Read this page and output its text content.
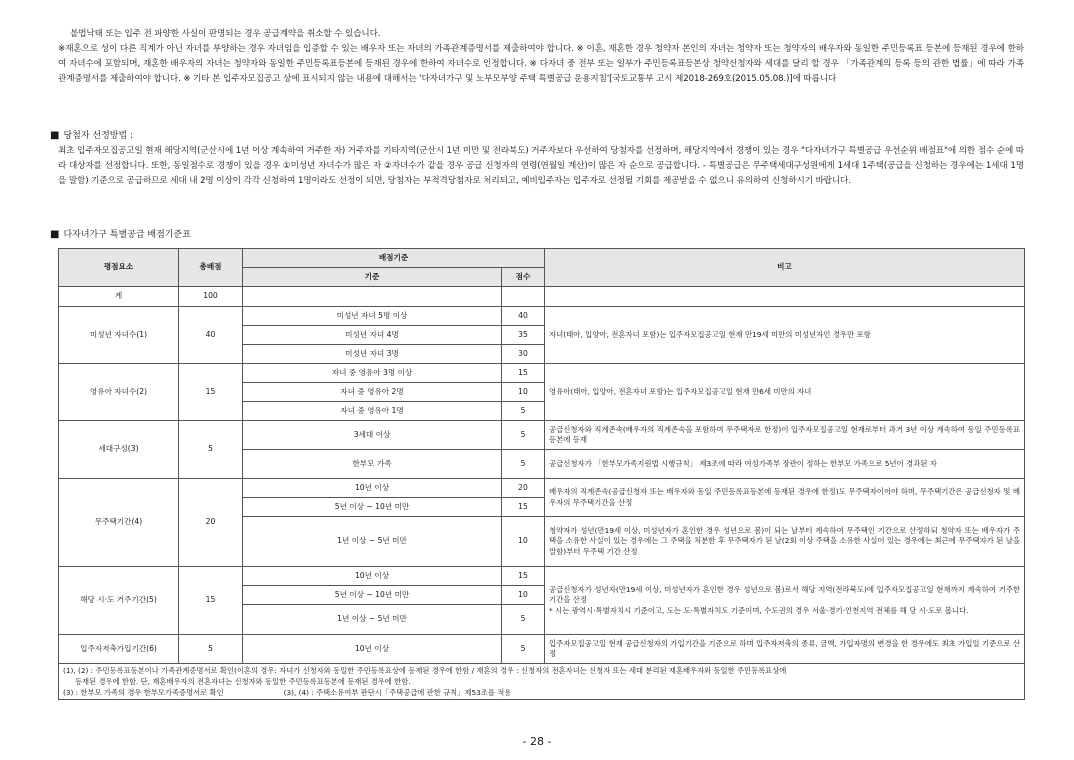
불법낙태 또는 입주 전 파양한 사실이 판명되는 경우 공급계약을 취소할 수 있습니다.
※재혼으로 성이 다른 직계가 아닌 자녀를 부양하는 경우 자녀임을 입증할 수 있는 배우자 또는 자녀의 가족관계증명서를 제출하여야 합니다. ※ 이혼, 재혼한 경우 청약자 본인의 자녀는 청약자 또는 청약자의 배우자와 동일한 주민등록표 등본에 등재된 경우에 한하여 자녀수에 포함되며, 재혼한 배우자의 자녀는 청약자와 동일한 주민등록표등본에 등재된 경우에 한하여 자녀수로 인정합니다. ※ 다자녀 중 전부 또는 일부가 주민등록표등본상 청약신청자와 세대를 달리 할 경우 「가족관계의 등록 등의 관한 법률」에 따라 가족관계증명서를 제출하여야 합니다. ※ 기타 본 입주자모집공고 상에 표시되지 않는 내용에 대해서는 '다자녀가구 및 노부모부양 주택 특별공급 운용지침'[국토교통부 고시 제2018-269호(2015.05.08.)]에 따릅니다
■ 당첨자 선정방법 :
최초 입주자모집공고일 현재 해당지역(군산시에 1년 이상 계속하여 거주한 자) 거주자를 기타지역(군산시 1년 미만 및 전라북도) 거주자보다 우선하여 당첨자를 선정하며, 해당지역에서 경쟁이 있는 경우 "다자녀가구 특별공급 우선순위 배점표"에 의한 점수 순에 따라 대상자를 선정합니다. 또한, 동일점수로 경쟁이 있을 경우 ①미성년 자녀수가 많은 자 ②자녀수가 같을 경우 공급 신청자의 연령(연월일 계산)이 많은 자 순으로 공급합니다. - 특별공급은 무주택세대구성원에게 1세대 1주택(공급을 신청하는 경우에는 1세대 1명을 말함) 기준으로 공급하므로 세대 내 2명 이상이 각각 신청하여 1명이라도 선정이 되면, 당첨자는 부적격당첨자로 처리되고, 예비입주자는 입주자로 선정될 기회를 제공받을 수 없으니 유의하여 신청하시기 바랍니다.
■ 다자녀가구 특별공급 배점기준표
평점요소	총배점	배점기준		비고
		기준	점수	
계	100			
미성년 자녀수(1)	40	미성년 자녀 5명 이상	40	자녀(태아, 입양아, 전혼자녀 포함)는 입주자모집공고일 현재 만19세 미만의 미성년자인 경우만 포함
		미성년 자녀 4명	35	
		미성년 자녀 3명	30	
영유아 자녀수(2)	15	자녀 중 영유아 3명 이상	15	영유아(태아, 입양아, 전혼자녀 포함)는 입주자모집공고일 현재 만6세 미만의 자녀
		자녀 중 영유아 2명	10	
		자녀 중 영유아 1명	5	
세대구성(3)	5	3세대 이상	5	공급신청자와 직계존속(배우자의 직계존속을 포함하며 무주택자로 한정)이 입주자모집공고일 현재로부터 과거 3년 이상 계속하여 동일 주민등록표등본에 등재
		한부모 가족	5	공급신청자가 「한부모가족지원법 시행규칙」 제3조에 따라 여성가족부 장관이 정하는 한부모 가족으로 5년이 경과된 자
무주택기간(4)	20	10년 이상	20	배우자의 직계존속(공급신청자 또는 배우자와 동일 주민등록표등본에 등재된 경우에 한정)도 무주택자이어야 하며, 무주택기간은 공급신청자 및 배우자의 무주택기간을 산정
		5년 이상 ~ 10년 미만	15	
		1년 이상 ~ 5년 미만	10	청약자가 성년(만19세 이상, 미성년자가 혼인한 경우 성년으로 봄)이 되는 날부터 계속하여 무주택인 기간으로 산정하되 청약자 또는 배우자가 주택을 소유한 사실이 있는 경우에는 그 주택을 처분한 후 무주택자가 된 날(2회 이상 주택을 소유한 사실이 있는 경우에는 최근에 무주택자가 된 날을 말함)부터 무주택 기간 산정
해당 시·도 거주기간(5)	15	10년 이상	15	공급신청자가 성년자(만19세 이상, 미성년자가 혼인한 경우 성년으로 봄)로서 해당 지역(전라북도)에 입주자모집공고일 현재까지 계속하여 거주한 기간을 산정
* 시는 광역시·특별자치시 기준이고, 도는 도·특별자치도 기준이며, 수도권의 경우 서울·경기·인천지역 전체를 해 당 시·도로 봅니다.
		5년 이상 ~ 10년 미만	10	
		1년 이상 ~ 5년 미만	5	
입주자저축가입기간(6)	5	10년 이상	5	입주자모집공고일 현재 공급신청자의 가입기간을 기준으로 하며 입주자저축의 종류, 금액, 가입자명의 변경을 한 경우에도 최초 가입일 기준으로 산정

(1), (2) : 주민등록표등본이나 가족관계증명서로 확인(이혼의 경우: 자녀가 신청자와 동일한 주민등록표상에 등재된 경우에 한함 / 재혼의 경우 : 신청자의 전혼자녀는 신청자 또는 세대 분리된 재혼배우자와 동일한 주민등록표상에
등재된 경우에 한함. 단, 재혼배우자의 전혼자녀는 신청자와 동일한 주민등록표등본에 등재된 경우에 한함.
(3) : 한부모 가족의 경우 한부모가족증명서로 확인 (3), (4) : 주택소유여부 판단시「주택공급에 관한 규칙」제53조를 적용				
- 28 -
